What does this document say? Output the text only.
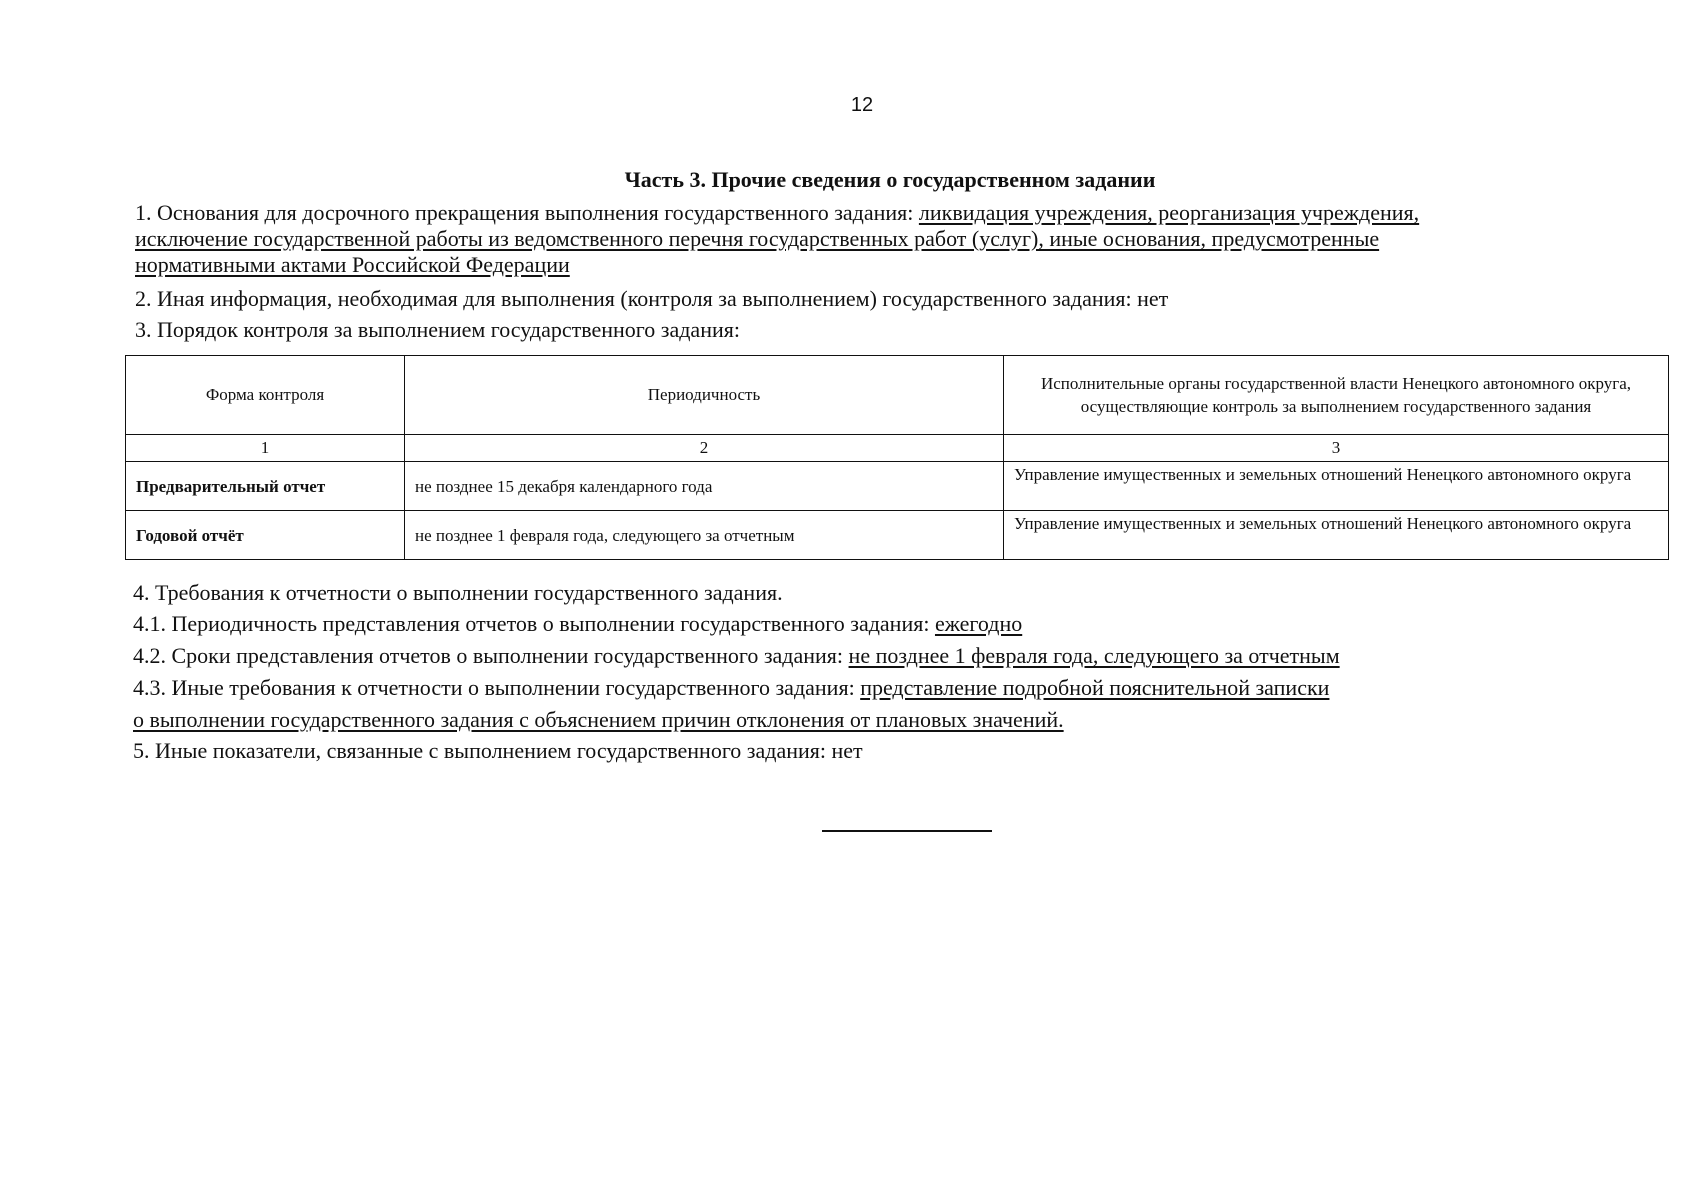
12
Часть 3. Прочие сведения о государственном задании
1. Основания для досрочного прекращения выполнения государственного задания: ликвидация учреждения, реорганизация учреждения,
исключение государственной работы из ведомственного перечня государственных работ (услуг), иные основания, предусмотренные
нормативными актами Российской Федерации
2. Иная информация, необходимая для выполнения (контроля за выполнением) государственного задания: нет
3. Порядок контроля за выполнением государственного задания:
Форма контроля	Периодичность	Исполнительные органы государственной власти Ненецкого автономного округа, осуществляющие контроль за выполнением государственного задания
1	2	3
Предварительный отчет	не позднее 15 декабря календарного года	Управление имущественных и земельных отношений Ненецкого автономного округа
Годовой отчёт	не позднее 1 февраля года, следующего за отчетным	Управление имущественных и земельных отношений Ненецкого автономного округа
4. Требования к отчетности о выполнении государственного задания.
4.1. Периодичность представления отчетов о выполнении государственного задания: ежегодно
4.2. Сроки представления отчетов о выполнении государственного задания: не позднее 1 февраля года, следующего за отчетным
4.3. Иные требования к отчетности о выполнении государственного задания: представление подробной пояснительной записки
о выполнении государственного задания с объяснением причин отклонения от плановых значений.
5. Иные показатели, связанные с выполнением государственного задания: нет
